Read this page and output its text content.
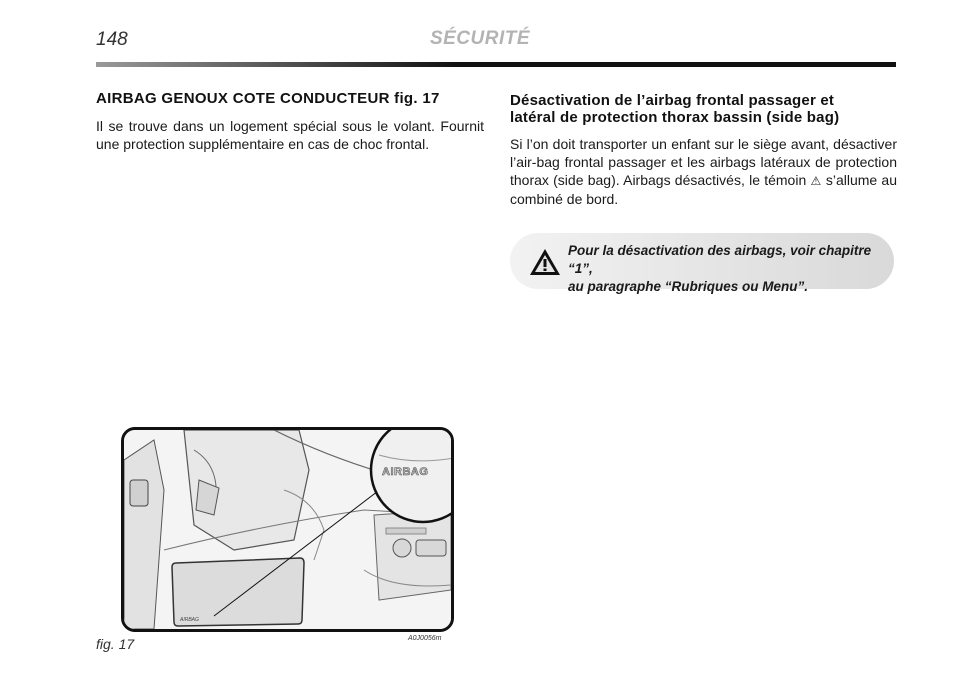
148	SÉCURITÉ
AIRBAG GENOUX COTE CONDUCTEUR fig. 17

Il se trouve dans un logement spécial sous le volant. Fournit une protection supplémentaire en cas de choc frontal.

Désactivation de l’airbag frontal passager et
latéral de protection thorax bassin (side bag)

Si l’on doit transporter un enfant sur le siège avant, désactiver l’air-bag frontal passager et les airbags latéraux de protection thorax (side bag). Airbags désactivés, le témoin ⚠︎ s’allume au combiné de bord.

Pour la désactivation des airbags, voir chapitre “1”,
au paragraphe “Rubriques ou Menu”.
AIRBAG
AIRBAG
fig. 17	A0J0056m
